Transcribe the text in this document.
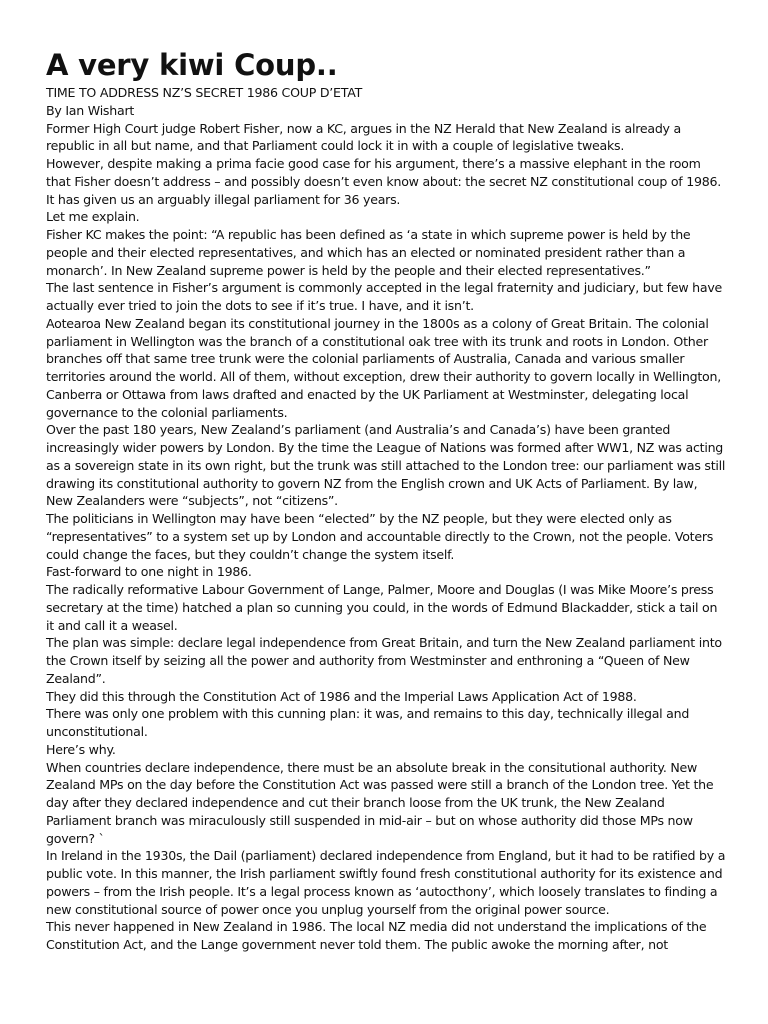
A very kiwi Coup..

TIME TO ADDRESS NZ’S SECRET 1986 COUP D’ETAT

By Ian Wishart

Former High Court judge Robert Fisher, now a KC, argues in the NZ Herald that New Zealand is already a republic in all but name, and that Parliament could lock it in with a couple of legislative tweaks.

However, despite making a prima facie good case for his argument, there’s a massive elephant in the room that Fisher doesn’t address – and possibly doesn’t even know about: the secret NZ constitutional coup of 1986. It has given us an arguably illegal parliament for 36 years.

Let me explain.

Fisher KC makes the point: “A republic has been defined as ‘a state in which supreme power is held by the people and their elected representatives, and which has an elected or nominated president rather than a monarch’. In New Zealand supreme power is held by the people and their elected representatives.”

The last sentence in Fisher’s argument is commonly accepted in the legal fraternity and judiciary, but few have actually ever tried to join the dots to see if it’s true. I have, and it isn’t.

Aotearoa New Zealand began its constitutional journey in the 1800s as a colony of Great Britain. The colonial parliament in Wellington was the branch of a constitutional oak tree with its trunk and roots in London. Other branches off that same tree trunk were the colonial parliaments of Australia, Canada and various smaller territories around the world. All of them, without exception, drew their authority to govern locally in Wellington, Canberra or Ottawa from laws drafted and enacted by the UK Parliament at Westminster, delegating local governance to the colonial parliaments.

Over the past 180 years, New Zealand’s parliament (and Australia’s and Canada’s) have been granted increasingly wider powers by London. By the time the League of Nations was formed after WW1, NZ was acting as a sovereign state in its own right, but the trunk was still attached to the London tree: our parliament was still drawing its constitutional authority to govern NZ from the English crown and UK Acts of Parliament. By law, New Zealanders were “subjects”, not “citizens”.

The politicians in Wellington may have been “elected” by the NZ people, but they were elected only as “representatives” to a system set up by London and accountable directly to the Crown, not the people. Voters could change the faces, but they couldn’t change the system itself.

Fast-forward to one night in 1986.

The radically reformative Labour Government of Lange, Palmer, Moore and Douglas (I was Mike Moore’s press secretary at the time) hatched a plan so cunning you could, in the words of Edmund Blackadder, stick a tail on it and call it a weasel.

The plan was simple: declare legal independence from Great Britain, and turn the New Zealand parliament into the Crown itself by seizing all the power and authority from Westminster and enthroning a “Queen of New Zealand”.

They did this through the Constitution Act of 1986 and the Imperial Laws Application Act of 1988.

There was only one problem with this cunning plan: it was, and remains to this day, technically illegal and unconstitutional.

Here’s why.

When countries declare independence, there must be an absolute break in the consitutional authority. New Zealand MPs on the day before the Constitution Act was passed were still a branch of the London tree. Yet the day after they declared independence and cut their branch loose from the UK trunk, the New Zealand Parliament branch was miraculously still suspended in mid-air – but on whose authority did those MPs now govern? `

In Ireland in the 1930s, the Dail (parliament) declared independence from England, but it had to be ratified by a public vote. In this manner, the Irish parliament swiftly found fresh constitutional authority for its existence and powers – from the Irish people. It’s a legal process known as ‘autocthony’, which loosely translates to finding a new constitutional source of power once you unplug yourself from the original power source.

This never happened in New Zealand in 1986. The local NZ media did not understand the implications of the Constitution Act, and the Lange government never told them. The public awoke the morning after, not
